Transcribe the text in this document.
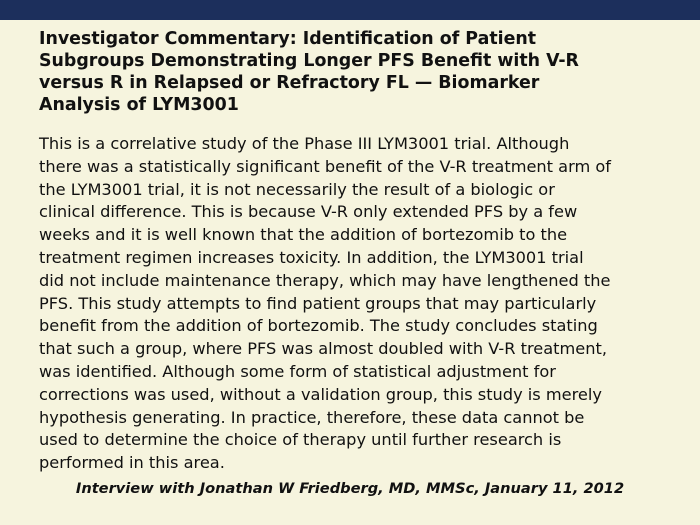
Investigator Commentary: Identification of Patient
Subgroups Demonstrating Longer PFS Benefit with V-R
versus R in Relapsed or Refractory FL — Biomarker
Analysis of LYM3001

This is a correlative study of the Phase III LYM3001 trial. Although
there was a statistically significant benefit of the V-R treatment arm of
the LYM3001 trial, it is not necessarily the result of a biologic or
clinical difference. This is because V-R only extended PFS by a few
weeks and it is well known that the addition of bortezomib to the
treatment regimen increases toxicity. In addition, the LYM3001 trial
did not include maintenance therapy, which may have lengthened the
PFS. This study attempts to find patient groups that may particularly
benefit from the addition of bortezomib. The study concludes stating
that such a group, where PFS was almost doubled with V-R treatment,
was identified. Although some form of statistical adjustment for
corrections was used, without a validation group, this study is merely
hypothesis generating. In practice, therefore, these data cannot be
used to determine the choice of therapy until further research is
performed in this area.

Interview with Jonathan W Friedberg, MD, MMSc, January 11, 2012
